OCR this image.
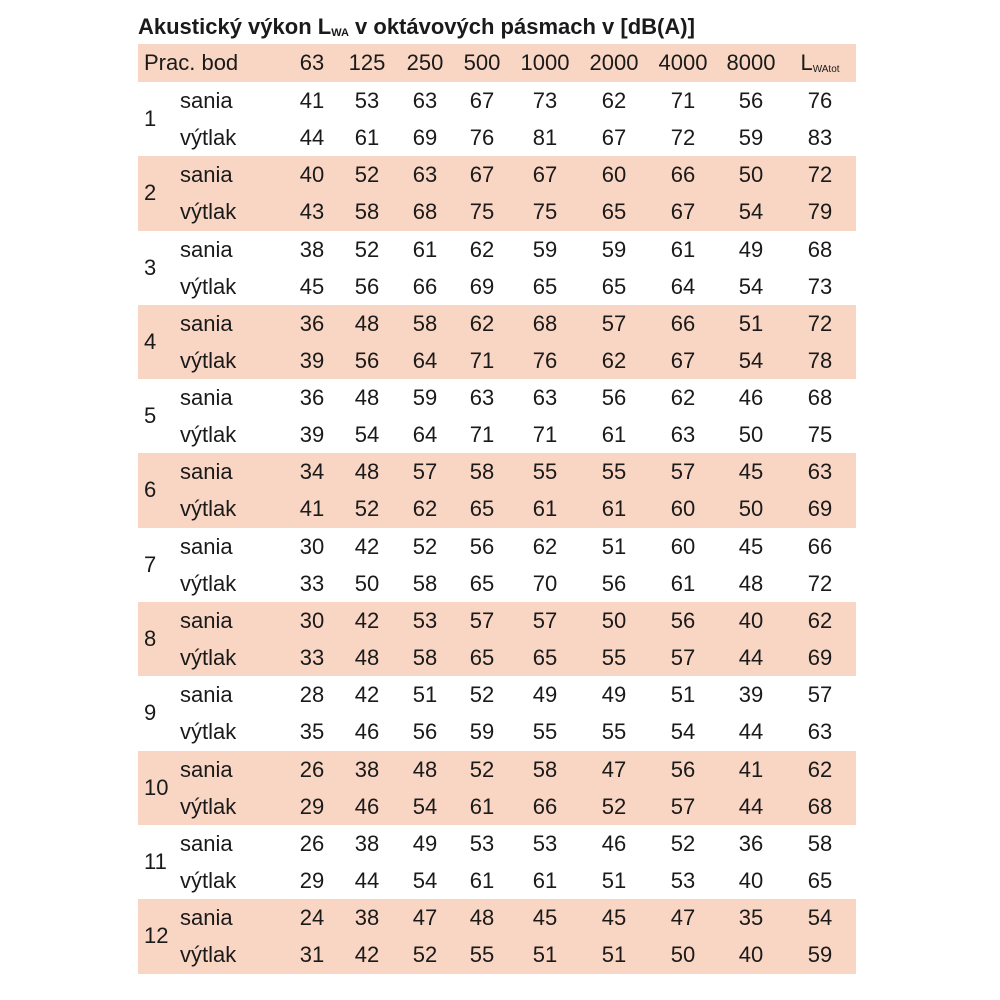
Akustický výkon LWA v oktávových pásmach v [dB(A)]
Prac. bod	63	125 250 500 1000 2000 4000 8000	LWAtot
1
sania	41	53	63	67	73	62	71	56	76
výtlak	44	61	69	76	81	67	72	59	83
2
sania	40	52	63	67	67	60	66	50	72
výtlak	43	58	68	75	75	65	67	54	79
3
sania	38	52	61	62	59	59	61	49	68
výtlak	45	56	66	69	65	65	64	54	73
4
sania	36	48	58	62	68	57	66	51	72
výtlak	39	56	64	71	76	62	67	54	78
5
sania	36	48	59	63	63	56	62	46	68
výtlak	39	54	64	71	71	61	63	50	75
6
sania	34	48	57	58	55	55	57	45	63
výtlak	41	52	62	65	61	61	60	50	69
7
sania	30	42	52	56	62	51	60	45	66
výtlak	33	50	58	65	70	56	61	48	72
8
sania	30	42	53	57	57	50	56	40	62
výtlak	33	48	58	65	65	55	57	44	69
9
sania	28	42	51	52	49	49	51	39	57
výtlak	35	46	56	59	55	55	54	44	63
10
sania	26	38	48	52	58	47	56	41	62
výtlak	29	46	54	61	66	52	57	44	68
11
sania	26	38	49	53	53	46	52	36	58
výtlak	29	44	54	61	61	51	53	40	65
12
sania	24	38	47	48	45	45	47	35	54
výtlak	31	42	52	55	51	51	50	40	59
